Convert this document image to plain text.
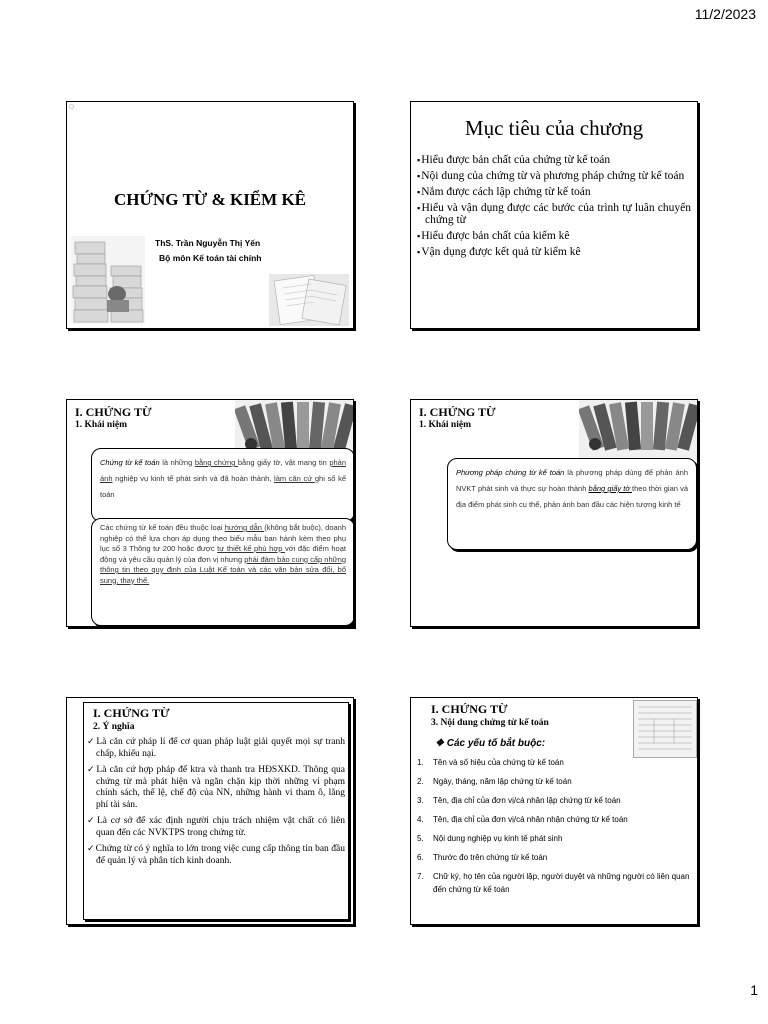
11/2/2023
▢
CHỨNG TỪ & KIỂM KÊ
ThS. Trần Nguyễn Thị Yến
Bộ môn Kế toán tài chính
Mục tiêu của chương
▪ Hiểu được bản chất của chứng từ kế toán
▪ Nội dung của chứng từ và phương pháp chứng từ kế toán
▪ Nắm được cách lập chứng từ kế toán
▪ Hiểu và vận dụng được các bước của trình tự luân chuyển chứng từ
▪ Hiểu được bản chất của kiểm kê
▪ Vận dụng được kết quả từ kiểm kê
I. CHỨNG TỪ
1. Khái niệm
Chứng từ kế toán là những bằng chứng bằng giấy tờ, vật mang tin phản ánh nghiệp vụ kinh tế phát sinh và đã hoàn thành, làm căn cứ ghi sổ kế toán
Các chứng từ kế toán đều thuộc loại hướng dẫn (không bắt buộc), doanh nghiệp có thể lựa chọn áp dụng theo biểu mẫu ban hành kèm theo phụ lục số 3 Thông tư 200 hoặc được tự thiết kế phù hợp với đặc điểm hoạt động và yêu cầu quản lý của đơn vị nhưng phải đảm bảo cung cấp những thông tin theo quy định của Luật Kế toán và các văn bản sửa đổi, bổ sung, thay thế.
I. CHỨNG TỪ
1. Khái niệm
Phương pháp chứng từ kế toán là phương pháp dùng để phản ánh NVKT phát sinh và thực sự hoàn thành bằng giấy tờ theo thời gian và địa điểm phát sinh cụ thể, phản ánh ban đầu các hiện tượng kinh tế
I. CHỨNG TỪ
2. Ý nghĩa
✓ Là căn cứ pháp lí để cơ quan pháp luật giải quyết mọi sự tranh chấp, khiếu nại.
✓ Là căn cứ hợp pháp để ktra và thanh tra HĐSXKD. Thông qua chứng từ mà phát hiện và ngăn chặn kịp thời những vi phạm chính sách, thể lệ, chế độ của NN, những hành vi tham ô, lãng phí tài sản.
✓ Là cơ sở để xác định người chịu trách nhiệm vật chất có liên quan đến các NVKTPS trong chứng từ.
✓ Chứng từ có ý nghĩa to lớn trong việc cung cấp thông tin ban đầu để quản lý và phân tích kinh doanh.
I. CHỨNG TỪ
3. Nội dung chứng từ kế toán
❖ Các yếu tố bắt buộc:
1. Tên và số hiệu của chứng từ kế toán
2. Ngày, tháng, năm lập chứng từ kế toán
3. Tên, địa chỉ của đơn vị/cá nhân lập chứng từ kế toán
4. Tên, địa chỉ của đơn vị/cá nhân nhận chứng từ kế toán
5. Nội dung nghiệp vụ kinh tế phát sinh
6. Thước đo trên chứng từ kế toán
7. Chữ ký, họ tên của người lập, người duyệt và những người có liên quan đến chứng từ kế toán
1
